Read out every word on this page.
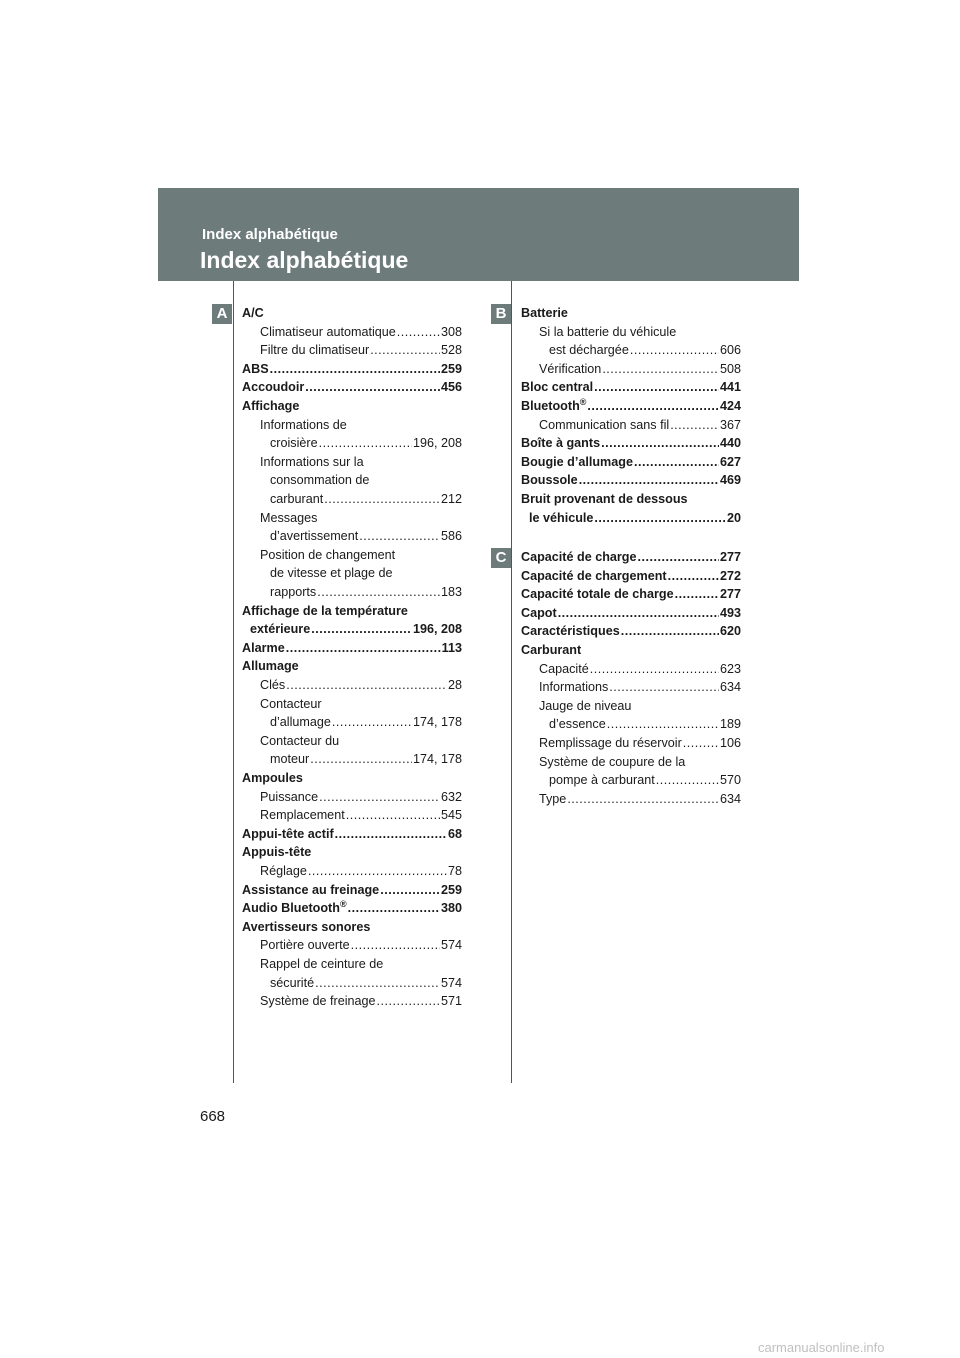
Index alphabétique
Index alphabétique
A	B
C
A/C
Climatiseur automatique .....	308
Filtre du climatiseur .....	528
ABS .....	259
Accoudoir .....	456
Affichage
Informations de
croisière .....	196, 208
Informations sur la
consommation de
carburant .....	212
Messages
d’avertissement .....	586
Position de changement
de vitesse et plage de
rapports .....	183
Affichage de la température
extérieure .....	196, 208
Alarme .....	113
Allumage
Clés .....	28
Contacteur
d’allumage .....	174, 178
Contacteur du
moteur .....	174, 178
Ampoules
Puissance .....	632
Remplacement .....	545
Appui-tête actif .....	68
Appuis-tête
Réglage .....	78
Assistance au freinage .....	259
Audio Bluetooth® .....	380
Avertisseurs sonores
Portière ouverte .....	574
Rappel de ceinture de
sécurité .....	574
Système de freinage .....	571
Batterie
Si la batterie du véhicule
est déchargée .....	606
Vérification .....	508
Bloc central .....	441
Bluetooth® .....	424
Communication sans fil .....	367
Boîte à gants .....	440
Bougie d’allumage .....	627
Boussole .....	469
Bruit provenant de dessous
le véhicule .....	20
Capacité de charge .....	277
Capacité de chargement .....	272
Capacité totale de charge .....	277
Capot .....	493
Caractéristiques .....	620
Carburant
Capacité .....	623
Informations .....	634
Jauge de niveau
d’essence .....	189
Remplissage du réservoir .....	106
Système de coupure de la
pompe à carburant .....	570
Type .....	634
668
carmanualsonline.info
